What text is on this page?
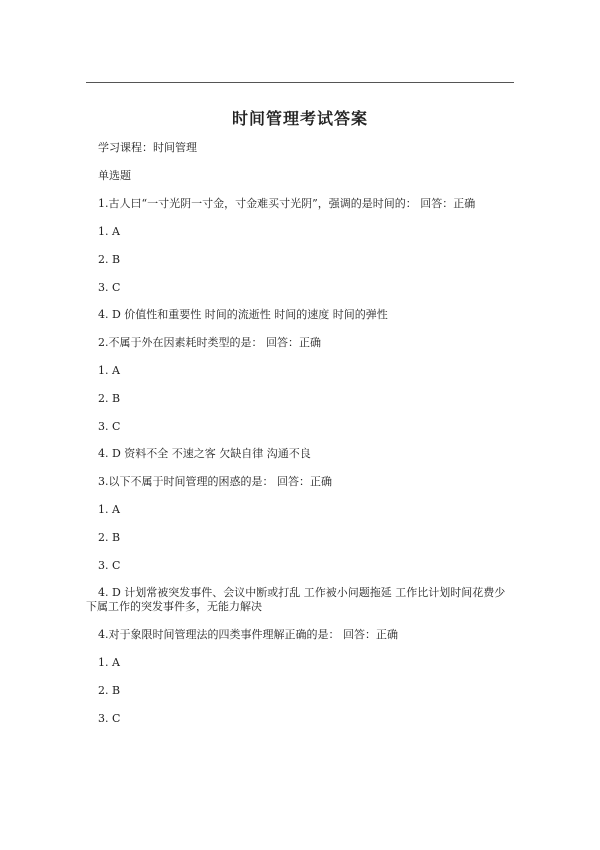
时间管理考试答案
学习课程：时间管理
单选题
1.古人曰“一寸光阴一寸金，寸金难买寸光阴”，强调的是时间的： 回答：正确
1. A
2. B
3. C
4. D 价值性和重要性 时间的流逝性 时间的速度 时间的弹性
2.不属于外在因素耗时类型的是： 回答：正确
1. A
2. B
3. C
4. D 资料不全 不速之客 欠缺自律 沟通不良
3.以下不属于时间管理的困惑的是： 回答：正确
1. A
2. B
3. C
4. D 计划常被突发事件、会议中断或打乱 工作被小问题拖延 工作比计划时间花费少
下属工作的突发事件多，无能力解决
4.对于象限时间管理法的四类事件理解正确的是： 回答：正确
1. A
2. B
3. C
